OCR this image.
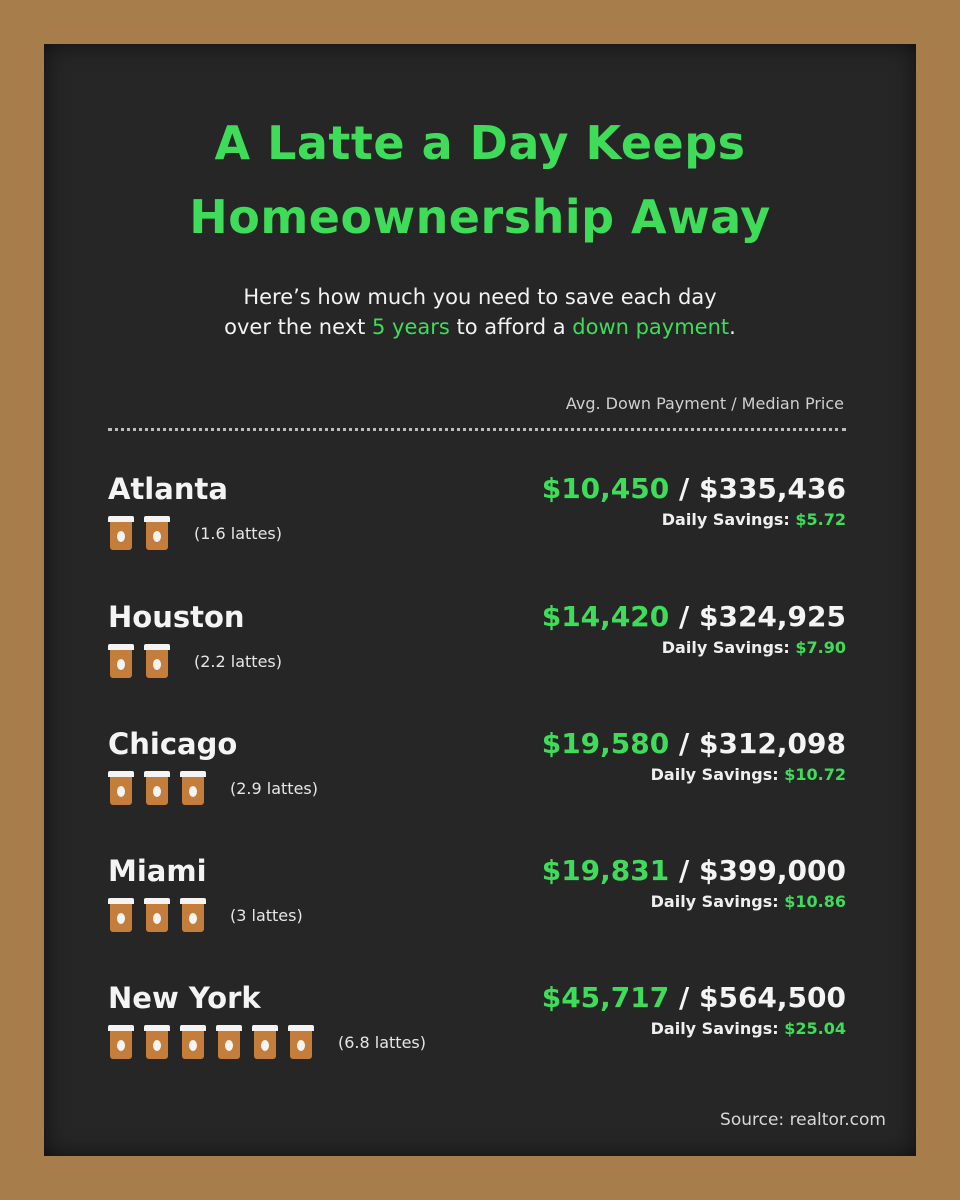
A Latte a Day Keeps
Homeownership Away
Here’s how much you need to save each day
over the next 5 years to afford a down payment.
Avg. Down Payment / Median Price
Atlanta
(1.6 lattes)
$10,450 / $335,436
Daily Savings: $5.72
Houston
(2.2 lattes)
$14,420 / $324,925
Daily Savings: $7.90
Chicago
(2.9 lattes)
$19,580 / $312,098
Daily Savings: $10.72
Miami
(3 lattes)
$19,831 / $399,000
Daily Savings: $10.86
New York
(6.8 lattes)
$45,717 / $564,500
Daily Savings: $25.04
Source: realtor.com
